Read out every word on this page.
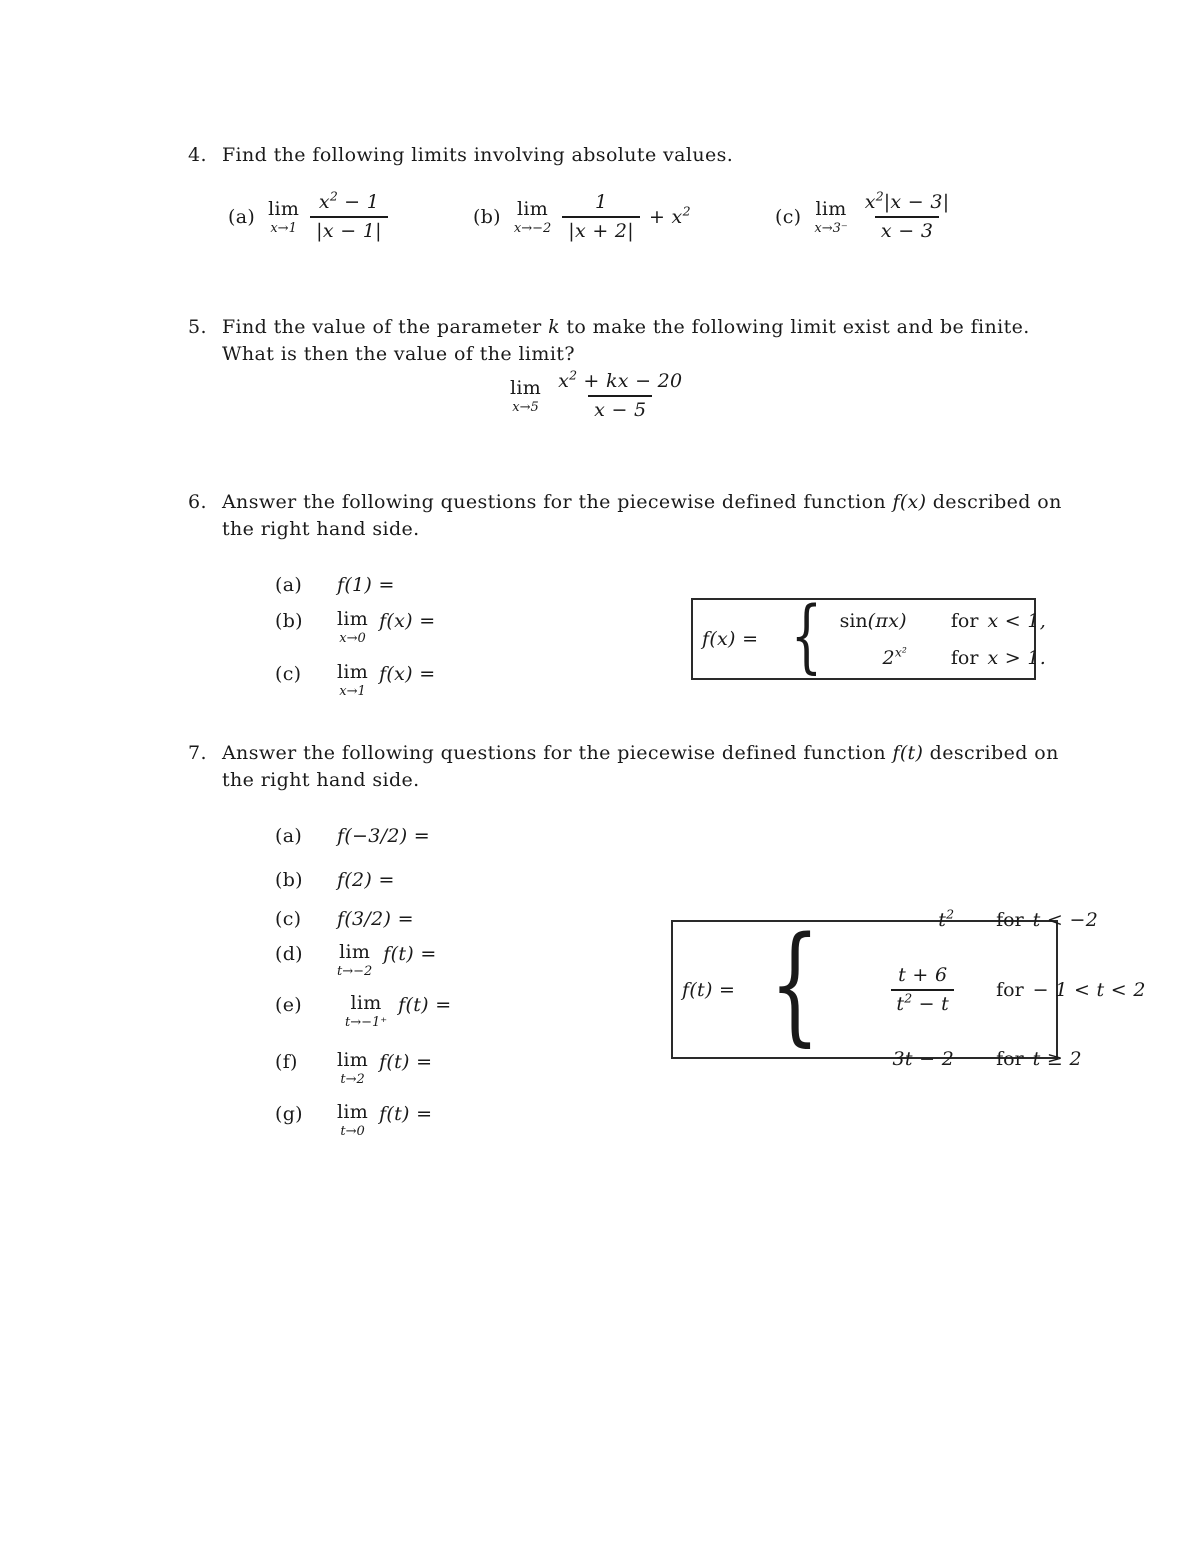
4. Find the following limits involving absolute values.
(a) lim
$x\to 1 \frac{x^2 - 1}{|x - 1|}$	(b) lim
$x\to-2 \frac{1}{|x + 2|} + x^2$	(c) lim
$x\to 3^- \frac{x^2|x - 3|}{x - 3}$
5. Find the value of the parameter k to make the following limit exist and be finite.
What is then the value of the limit?
lim
$x\to 5 \frac{x^2 + kx - 20}{x - 5}$
6. Answer the following questions for the piecewise defined function f(x) described on
the right hand side.
(a)	f(1) =
(b)	lim
x→0
f(x) =
(c)	lim
x→1
f(x) =
f(x) = { sin(πx) for x < 1,
$2^{x^2}$ for x > 1.
7. Answer the following questions for the piecewise defined function f(t) described on
the right hand side.
(a)	f(−3/2) =
(b)	f(2) =
(c)	f(3/2) =
(d)	lim
t→−2
f(t) =
(e)	lim
t→−1⁺
f(t) =
(f)	lim
t→2
f(t) =
(g)	lim
t→0
f(t) =
f(t) = {	$t^2$ for t < −2

$\frac{t + 6}{t^2 - t}$

for − 1 < t < 2
3t − 2 for t ≥ 2
